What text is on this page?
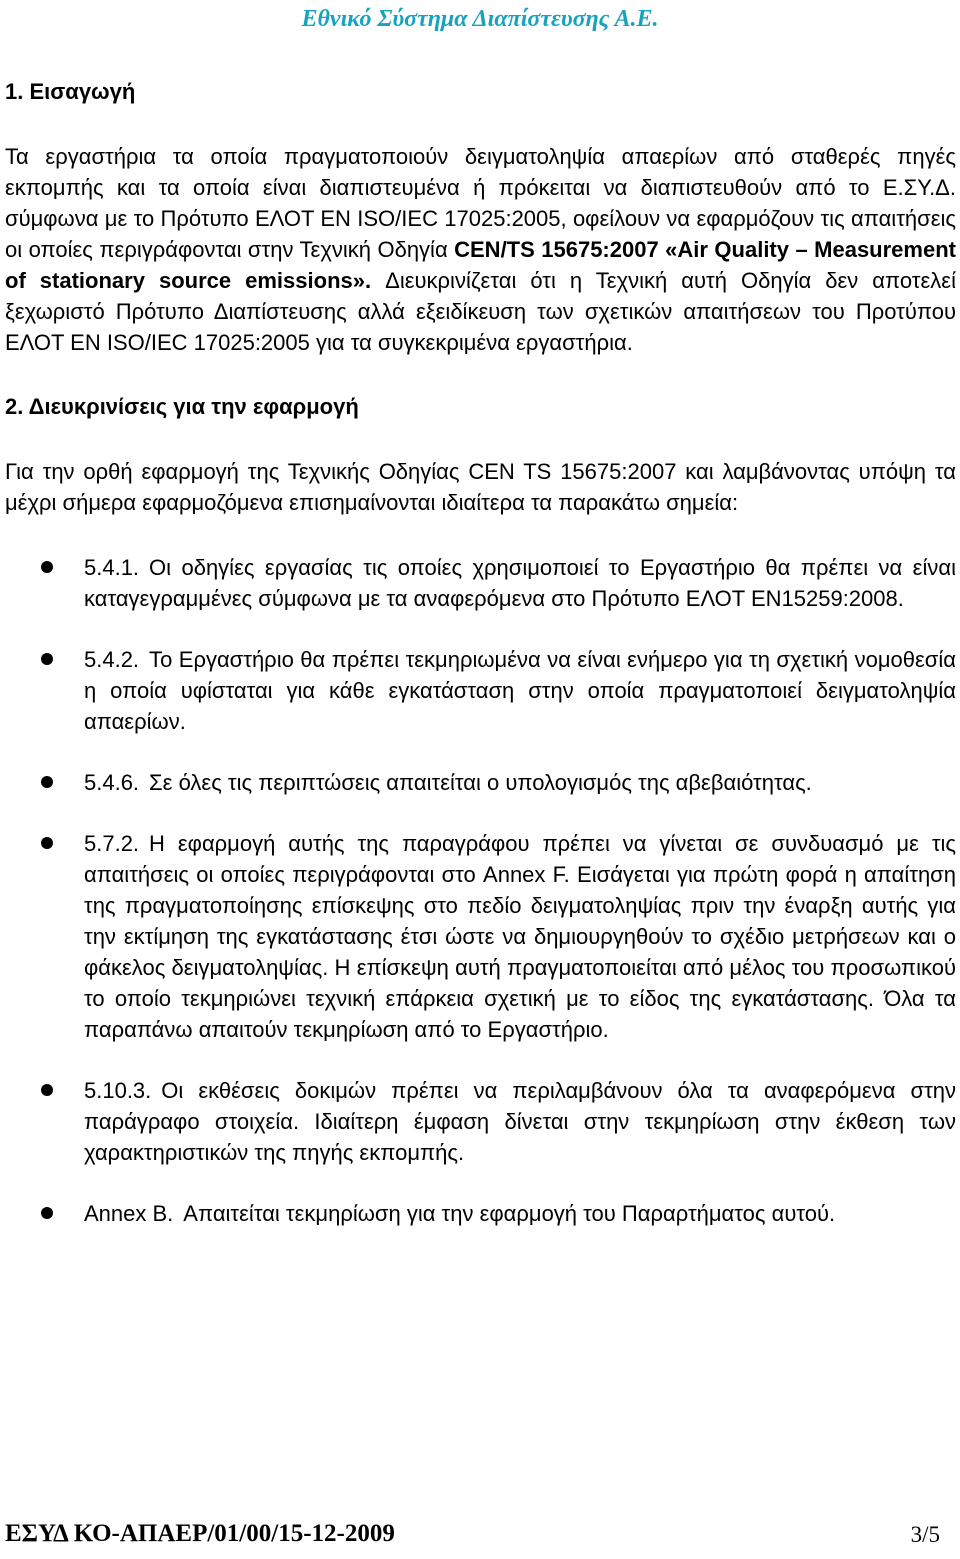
Εθνικό Σύστημα Διαπίστευσης Α.Ε.
1. Εισαγωγή

Τα εργαστήρια τα οποία πραγματοποιούν δειγματοληψία απαερίων από σταθερές πηγές εκπομπής και τα οποία είναι διαπιστευμένα ή πρόκειται να διαπιστευθούν από το Ε.ΣΥ.Δ. σύμφωνα με το Πρότυπο ΕΛΟΤ ΕΝ ISO/IEC 17025:2005, οφείλουν να εφαρμόζουν τις απαιτήσεις οι οποίες περιγράφονται στην Τεχνική Οδηγία CEN/TS 15675:2007 «Air Quality – Measurement of stationary source emissions». Διευκρινίζεται ότι η Τεχνική αυτή Οδηγία δεν αποτελεί ξεχωριστό Πρότυπο Διαπίστευσης αλλά εξειδίκευση των σχετικών απαιτήσεων του Προτύπου ΕΛΟΤ ΕΝ ISO/IEC 17025:2005 για τα συγκεκριμένα εργαστήρια.

2. Διευκρινίσεις για την εφαρμογή

Για την ορθή εφαρμογή της Τεχνικής Οδηγίας CEN TS 15675:2007 και λαμβάνοντας υπόψη τα μέχρι σήμερα εφαρμοζόμενα επισημαίνονται ιδιαίτερα τα παρακάτω σημεία:

5.4.1. Οι οδηγίες εργασίας τις οποίες χρησιμοποιεί το Εργαστήριο θα πρέπει να είναι καταγεγραμμένες σύμφωνα με τα αναφερόμενα στο Πρότυπο ΕΛΟΤ ΕΝ15259:2008.
5.4.2. Το Εργαστήριο θα πρέπει τεκμηριωμένα να είναι ενήμερο για τη σχετική νομοθεσία η οποία υφίσταται για κάθε εγκατάσταση στην οποία πραγματοποιεί δειγματοληψία απαερίων.
5.4.6. Σε όλες τις περιπτώσεις απαιτείται ο υπολογισμός της αβεβαιότητας.
5.7.2. Η εφαρμογή αυτής της παραγράφου πρέπει να γίνεται σε συνδυασμό με τις απαιτήσεις οι οποίες περιγράφονται στο Annex F. Εισάγεται για πρώτη φορά η απαίτηση της πραγματοποίησης επίσκεψης στο πεδίο δειγματοληψίας πριν την έναρξη αυτής για την εκτίμηση της εγκατάστασης έτσι ώστε να δημιουργηθούν το σχέδιο μετρήσεων και ο φάκελος δειγματοληψίας. Η επίσκεψη αυτή πραγματοποιείται από μέλος του προσωπικού το οποίο τεκμηριώνει τεχνική επάρκεια σχετική με το είδος της εγκατάστασης. Όλα τα παραπάνω απαιτούν τεκμηρίωση από το Εργαστήριο.
5.10.3. Οι εκθέσεις δοκιμών πρέπει να περιλαμβάνουν όλα τα αναφερόμενα στην παράγραφο στοιχεία. Ιδιαίτερη έμφαση δίνεται στην τεκμηρίωση στην έκθεση των χαρακτηριστικών της πηγής εκπομπής.
Annex B. Απαιτείται τεκμηρίωση για την εφαρμογή του Παραρτήματος αυτού.
ΕΣΥΔ ΚΟ-ΑΠΑΕΡ/01/00/15-12-2009	3/5
